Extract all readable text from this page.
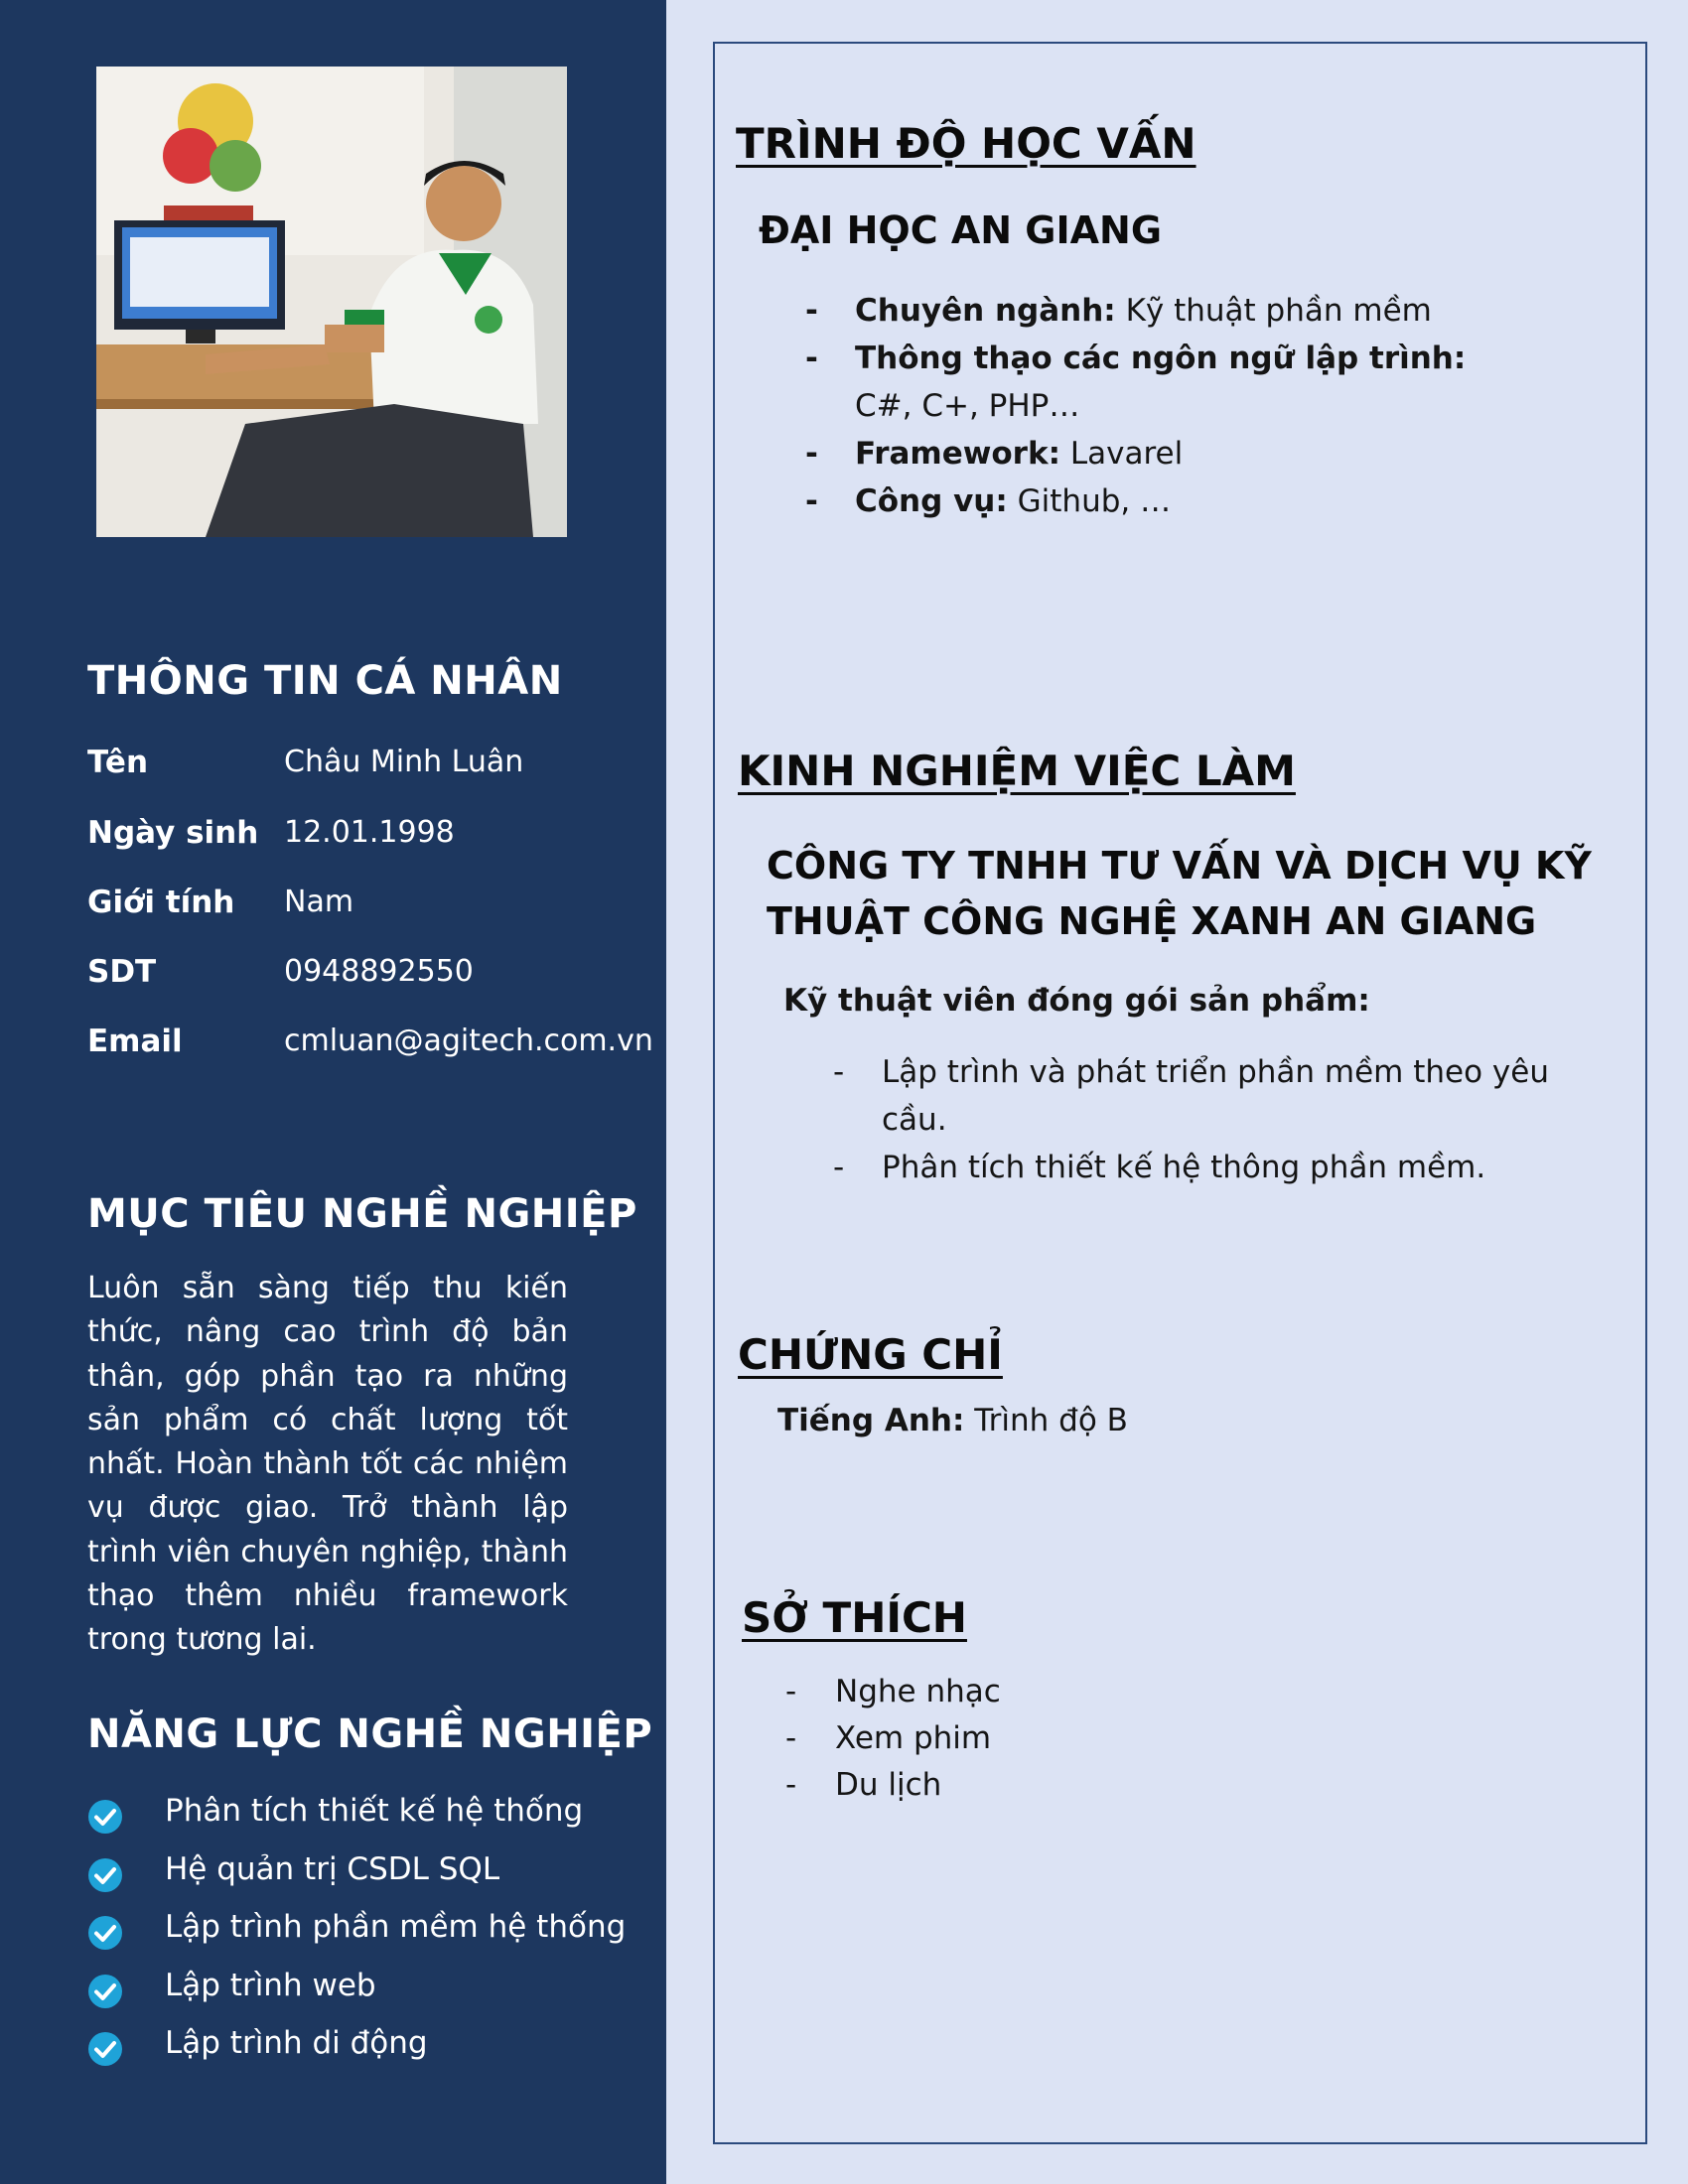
THÔNG TIN CÁ NHÂN
Tên	Châu Minh Luân
Ngày sinh 12.01.1998
Giới tính Nam
SDT	0948892550
Email	cmluan@agitech.com.vn
MỤC TIÊU NGHỀ NGHIỆP
Luôn sẵn sàng tiếp thu kiến thức, nâng cao trình độ bản thân, góp phần tạo ra những sản phẩm có chất lượng tốt nhất. Hoàn thành tốt các nhiệm vụ được giao. Trở thành lập trình viên chuyên nghiệp, thành thạo thêm nhiều framework trong tương lai.
NĂNG LỰC NGHỀ NGHIỆP
Phân tích thiết kế hệ thống
Hệ quản trị CSDL SQL
Lập trình phần mềm hệ thống
Lập trình web
Lập trình di động
TRÌNH ĐỘ HỌC VẤN
ĐẠI HỌC AN GIANG
- Chuyên ngành: Kỹ thuật phần mềm
- Thông thạo các ngôn ngữ lập trình:
C#, C+, PHP…
- Framework: Lavarel
- Công vụ: Github, …
KINH NGHIỆM VIỆC LÀM
CÔNG TY TNHH TƯ VẤN VÀ DỊCH VỤ KỸ
THUẬT CÔNG NGHỆ XANH AN GIANG
Kỹ thuật viên đóng gói sản phẩm:
- Lập trình và phát triển phần mềm theo yêu
cầu.
- Phân tích thiết kế hệ thông phần mềm.
CHỨNG CHỈ
Tiếng Anh: Trình độ B
SỞ THÍCH
- Nghe nhạc
- Xem phim
- Du lịch
